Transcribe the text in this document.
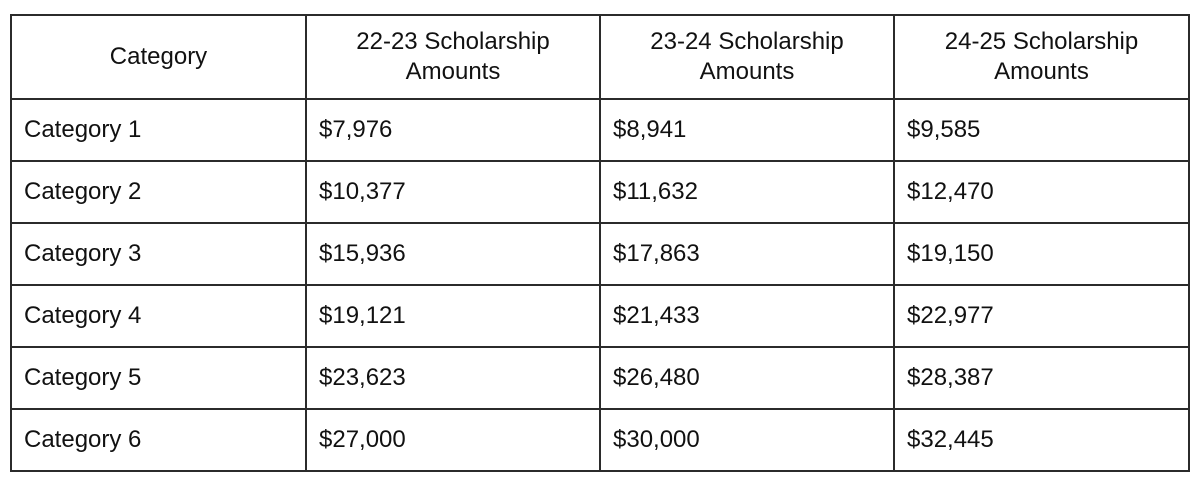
Category	22-23 Scholarship Amounts	23-24 Scholarship Amounts	24-25 Scholarship Amounts
Category 1	$7,976	$8,941	$9,585
Category 2	$10,377	$11,632	$12,470
Category 3	$15,936	$17,863	$19,150
Category 4	$19,121	$21,433	$22,977
Category 5	$23,623	$26,480	$28,387
Category 6	$27,000	$30,000	$32,445
